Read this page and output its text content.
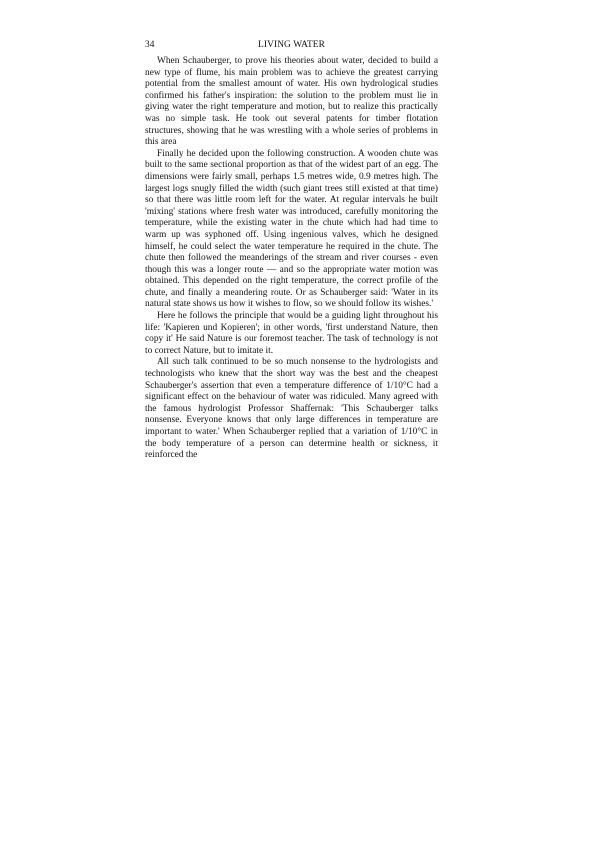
34	LIVING WATER

When Schauberger, to prove his theories about water, decided to build a new type of flume, his main problem was to achieve the greatest carrying potential from the smallest amount of water. His own hydrological studies confirmed his father's inspiration: the solution to the problem must lie in giving water the right temperature and motion, but to realize this practically was no simple task. He took out several patents for timber flotation structures, showing that he was wrestling with a whole series of problems in this area

Finally he decided upon the following construction. A wooden chute was built to the same sectional proportion as that of the widest part of an egg. The dimensions were fairly small, perhaps 1.5 metres wide, 0.9 metres high. The largest logs snugly filled the width (such giant trees still existed at that time) so that there was little room left for the water. At regular intervals he built 'mixing' stations where fresh water was introduced, carefully monitoring the temperature, while the existing water in the chute which had had time to warm up was syphoned off. Using ingenious valves, which he designed himself, he could select the water temperature he required in the chute. The chute then followed the meanderings of the stream and river courses - even though this was a longer route — and so the appropriate water motion was obtained. This depended on the right temperature, the correct profile of the chute, and finally a meandering route. Or as Schauberger said: 'Water in its natural state shows us how it wishes to flow, so we should follow its wishes.'

Here he follows the principle that would be a guiding light throughout his life: 'Kapieren und Kopieren'; in other words, 'first understand Nature, then copy it' He said Nature is our foremost teacher. The task of technology is not to correct Nature, but to imitate it.

All such talk continued to be so much nonsense to the hydrologists and technologists who knew that the short way was the best and the cheapest Schauberger's assertion that even a temperature difference of 1/10°C had a significant effect on the behaviour of water was ridiculed. Many agreed with the famous hydrologist Professor Shaffernak: 'This Schauberger talks nonsense. Everyone knows that only large differences in temperature are important to water.' When Schauberger replied that a variation of 1/10°C in the body temperature of a person can determine health or sickness, it reinforced the
